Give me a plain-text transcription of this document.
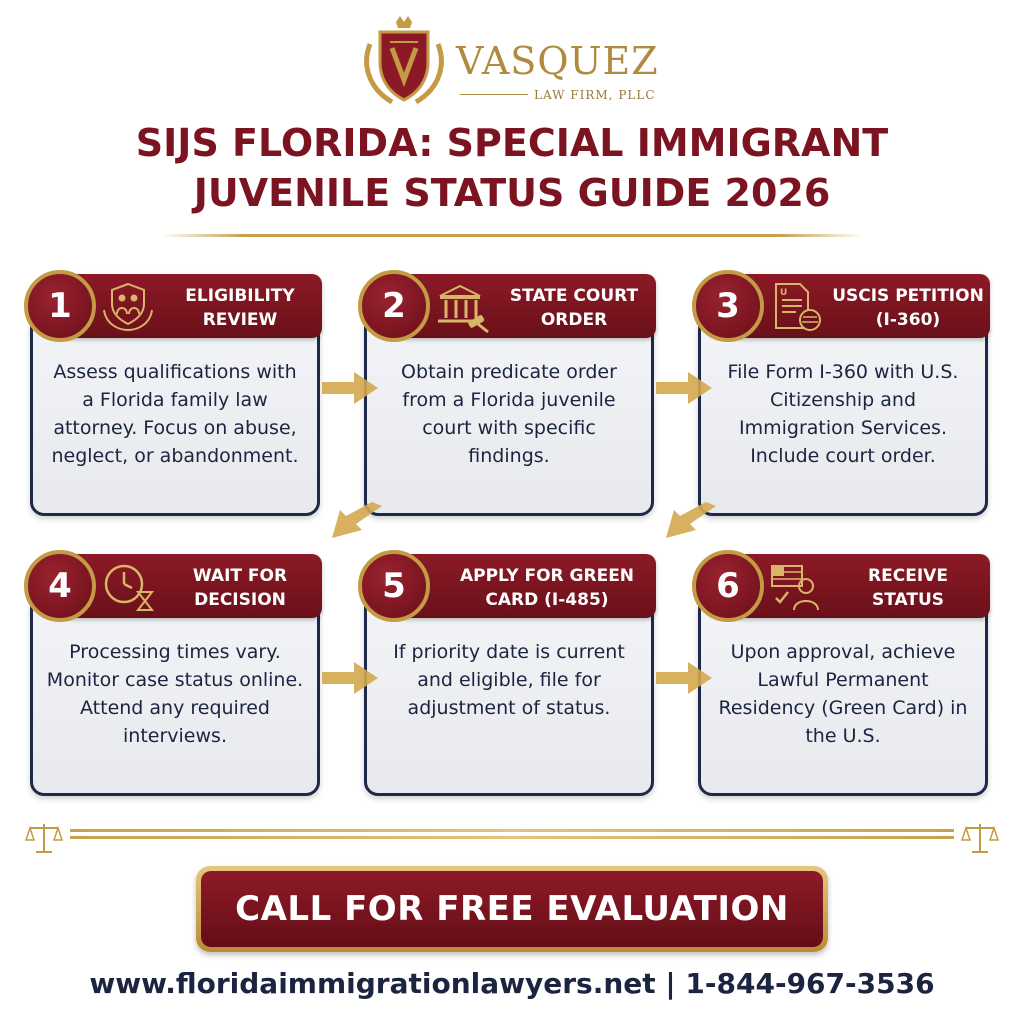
VASQUEZ
LAW FIRM, PLLC
SIJS FLORIDA: SPECIAL IMMIGRANT
JUVENILE STATUS GUIDE 2026
1	ELIGIBILITY
REVIEW
Assess qualifications with a Florida family law attorney. Focus on abuse, neglect, or abandonment.
2	STATE COURT
ORDER
Obtain predicate order from a Florida juvenile court with specific findings.
3	U	USCIS PETITION
(I-360)
File Form I-360 with U.S. Citizenship and Immigration Services. Include court order.
4	WAIT FOR
DECISION
Processing times vary. Monitor case status online. Attend any required interviews.
5	APPLY FOR GREEN
CARD (I-485)
If priority date is current and eligible, file for adjustment of status.
6	RECEIVE
STATUS
Upon approval, achieve Lawful Permanent Residency (Green Card) in the U.S.
CALL FOR FREE EVALUATION
www.floridaimmigrationlawyers.net | 1-844-967-3536
